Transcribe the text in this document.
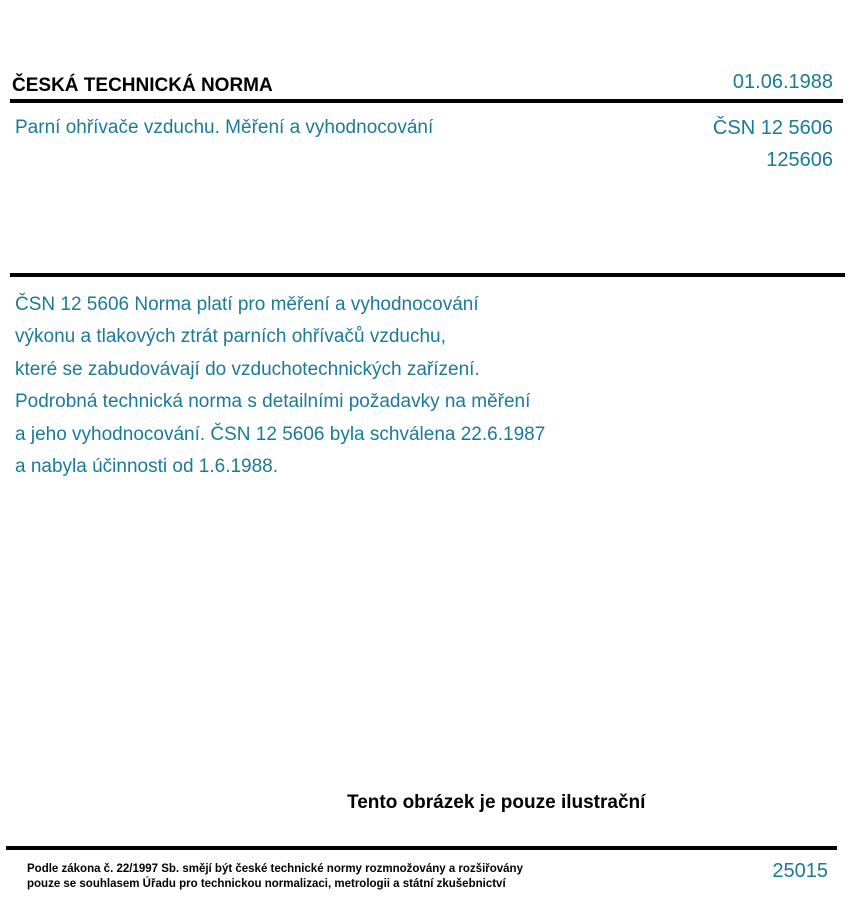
ČESKÁ TECHNICKÁ NORMA	01.06.1988
Parní ohřívače vzduchu. Měření a vyhodnocování	ČSN 12 5606
125606
ČSN 12 5606 Norma platí pro měření a vyhodnocování
výkonu a tlakových ztrát parních ohřívačů vzduchu,
které se zabudovávají do vzduchotechnických zařízení.
Podrobná technická norma s detailními požadavky na měření
a jeho vyhodnocování. ČSN 12 5606 byla schválena 22.6.1987
a nabyla účinnosti od 1.6.1988.
Tento obrázek je pouze ilustrační
Podle zákona č. 22/1997 Sb. smějí být české technické normy rozmnožovány a rozšiřovány
pouze se souhlasem Úřadu pro technickou normalizaci, metrologii a státní zkušebnictví
25015
